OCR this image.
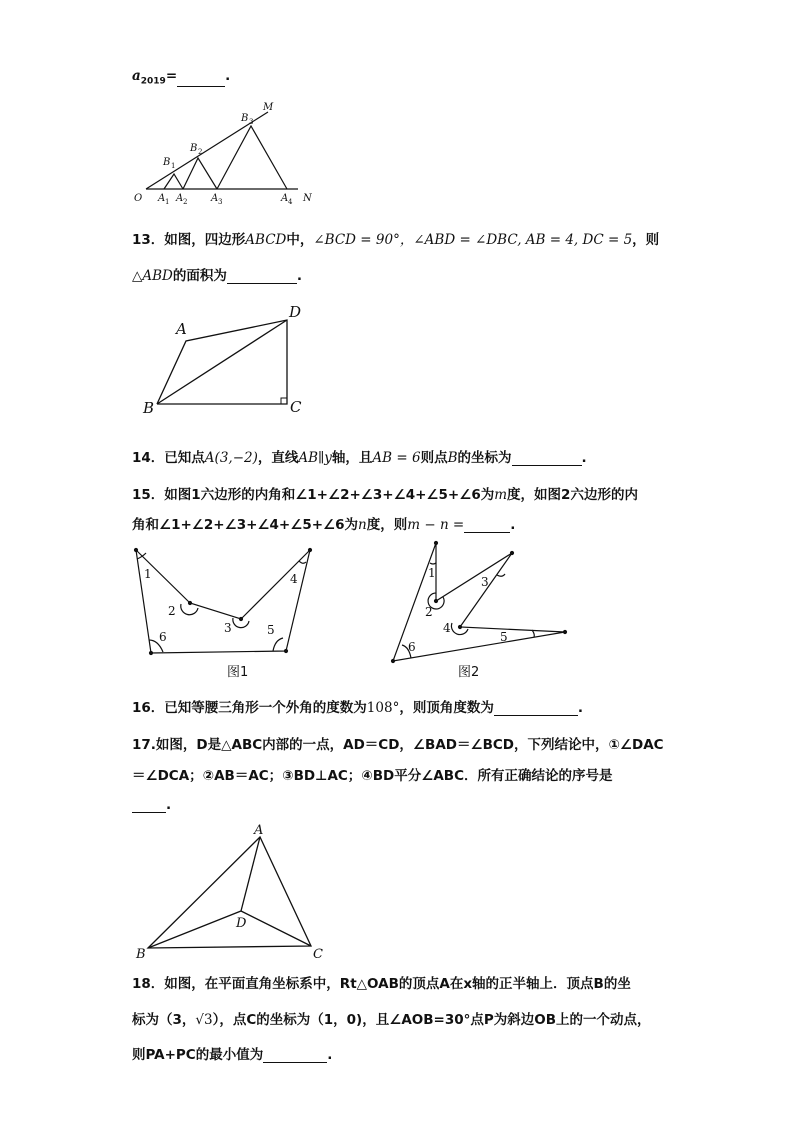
$a_{2019}=$	.
O
M
N
B 1
B 2
B 3
A 1 A 2 A 3	A 4
A
B	C
D
1
2
3
4
5
6
图1
1
2
3
4
5
6
图2
A
B	C
D
13．如图，四边形ABCD中，∠BCD = 90°，∠ABD = ∠DBC, AB = 4, DC = 5，则
△ABD的面积为	.
14．已知点A(3,−2)，直线AB∥y轴，且AB = 6则点B的坐标为	.
15．如图1六边形的内角和∠1+∠2+∠3+∠4+∠5+∠6为m度，如图2六边形的内
角和∠1+∠2+∠3+∠4+∠5+∠6为n度，则m − n =	.
16．已知等腰三角形一个外角的度数为108°，则顶角度数为	.
17.如图，D是△ABC内部的一点，AD＝CD，∠BAD＝∠BCD，下列结论中，①∠DAC
＝∠DCA；②AB＝AC；③BD⊥AC；④BD平分∠ABC．所有正确结论的序号是
.
18．如图，在平面直角坐标系中，Rt△OAB的顶点A在x轴的正半轴上．顶点B的坐
标为（3，√3），点C的坐标为（1，0)，且∠AOB=30°点P为斜边OB上的一个动点，
则PA+PC的最小值为	.
